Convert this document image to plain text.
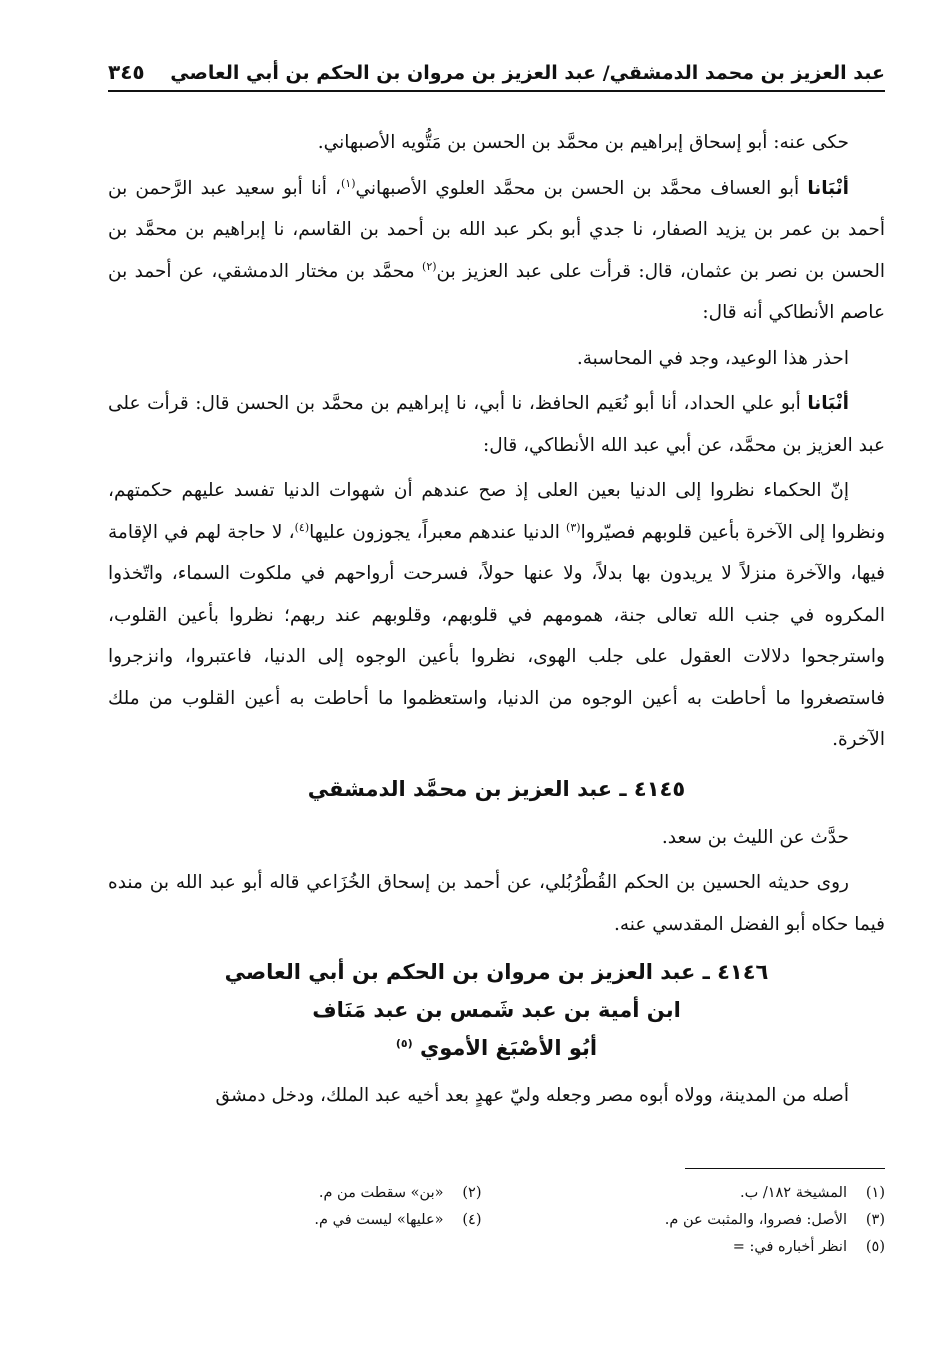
عبد العزيز بن محمد الدمشقي/ عبد العزيز بن مروان بن الحكم بن أبي العاصي
٣٤٥

حكى عنه: أبو إسحاق إبراهيم بن محمَّد بن الحسن بن مَتُّويه الأصبهاني.

أنْبَانا أبو العساف محمَّد بن الحسن بن محمَّد العلوي الأصبهاني$^{(١)}$، أنا أبو سعيد عبد الرَّحمن بن أحمد بن عمر بن يزيد الصفار، نا جدي أبو بكر عبد الله بن أحمد بن القاسم، نا إبراهيم بن محمَّد بن الحسن بن نصر بن عثمان، قال: قرأت على عبد العزيز بن$^{(٢)}$ محمَّد بن مختار الدمشقي، عن أحمد بن عاصم الأنطاكي أنه قال:

احذر هذا الوعيد، وجد في المحاسبة.

أنْبَانا أبو علي الحداد، أنا أبو نُعَيم الحافظ، نا أبي، نا إبراهيم بن محمَّد بن الحسن قال: قرأت على عبد العزيز بن محمَّد، عن أبي عبد الله الأنطاكي، قال:

إنّ الحكماء نظروا إلى الدنيا بعين العلى إذ صح عندهم أن شهوات الدنيا تفسد عليهم حكمتهم، ونظروا إلى الآخرة بأعين قلوبهم فصيّروا$^{(٣)}$ الدنيا عندهم معبراً، يجوزون عليها$^{(٤)}$، لا حاجة لهم في الإقامة فيها، والآخرة منزلاً لا يريدون بها بدلاً، ولا عنها حولاً، فسرحت أرواحهم في ملكوت السماء، واتّخذوا المكروه في جنب الله تعالى جنة، همومهم في قلوبهم، وقلوبهم عند ربهم؛ نظروا بأعين القلوب، واسترجحوا دلالات العقول على جلب الهوى، نظروا بأعين الوجوه إلى الدنيا، فاعتبروا، وانزجروا فاستصغروا ما أحاطت به أعين الوجوه من الدنيا، واستعظموا ما أحاطت به أعين القلوب من ملك الآخرة.

٤١٤٥ ـ عبد العزيز بن محمَّد الدمشقي

حدَّث عن الليث بن سعد.

روى حديثه الحسين بن الحكم القُطْرُبُلي، عن أحمد بن إسحاق الخُزَاعي قاله أبو عبد الله بن منده فيما حكاه أبو الفضل المقدسي عنه.

٤١٤٦ ـ عبد العزيز بن مروان بن الحكم بن أبي العاصي
ابن أمية بن عبد شَمس بن عبد مَنَاف
أبُو الأصْبَغ الأموي $^{(٥)}$

أصله من المدينة، وولاه أبوه مصر وجعله وليّ عهدٍ بعد أخيه عبد الملك، ودخل دمشق

(١)المشيخة ١٨٢/ ب.
(٢)«بن» سقطت من م.
(٣)الأصل: فصروا، والمثبت عن م.
(٤)«عليها» ليست في م.
(٥)انظر أخباره في: =
